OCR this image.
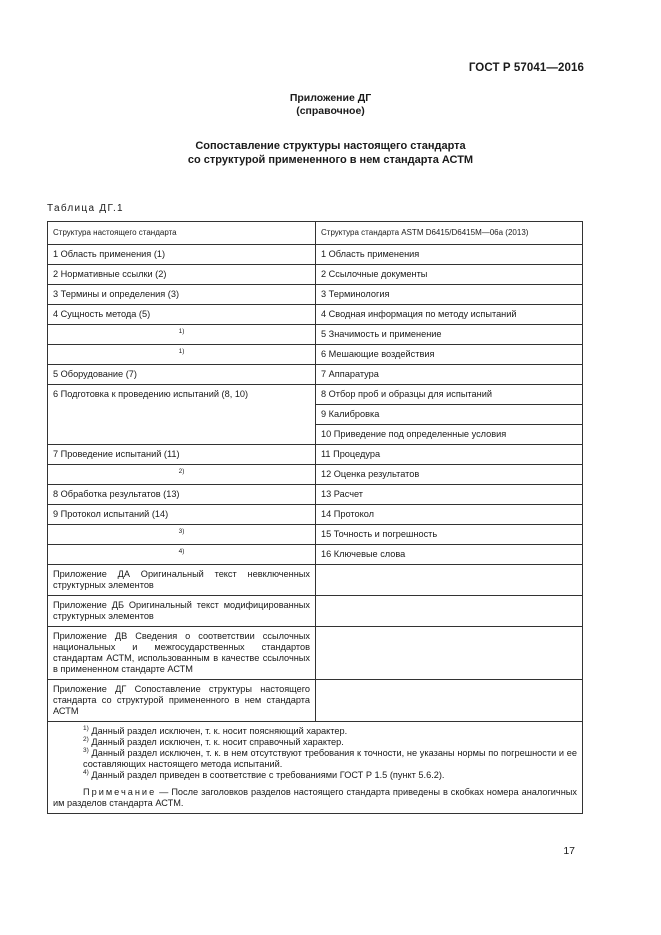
ГОСТ Р 57041—2016
Приложение ДГ
(справочное)
Сопоставление структуры настоящего стандарта
со структурой примененного в нем стандарта АСТМ
Таблица ДГ.1
Структура настоящего стандарта	Структура стандарта ASTM D6415/D6415M—06a (2013)
1 Область применения (1)	1 Область применения
2 Нормативные ссылки (2)	2 Ссылочные документы
3 Термины и определения (3)	3 Терминология
4 Сущность метода (5)	4 Сводная информация по методу испытаний
$^{1)}$	5 Значимость и применение
$^{1)}$	6 Мешающие воздействия
5 Оборудование (7)	7 Аппаратура
6 Подготовка к проведению испытаний (8, 10)	8 Отбор проб и образцы для испытаний
	9 Калибровка
	10 Приведение под определенные условия
7 Проведение испытаний (11)	11 Процедура
$^{2)}$	12 Оценка результатов
8 Обработка результатов (13)	13 Расчет
9 Протокол испытаний (14)	14 Протокол
$^{3)}$	15 Точность и погрешность
$^{4)}$	16 Ключевые слова
Приложение ДА Оригинальный текст невключенных структурных элементов	
Приложение ДБ Оригинальный текст модифицированных структурных элементов	
Приложение ДВ Сведения о соответствии ссылочных национальных и межгосударственных стандартов стандартам АСТМ, использованным в качестве ссылочных в примененном стандарте АСТМ	
Приложение ДГ Сопоставление структуры настоящего стандарта со структурой примененного в нем стандарта АСТМ	

$^{1)}$ Данный раздел исключен, т. к. носит поясняющий характер.
$^{2)}$ Данный раздел исключен, т. к. носит справочный характер.
$^{3)}$ Данный раздел исключен, т. к. в нем отсутствуют требования к точности, не указаны нормы по погрешности и ее составляющих настоящего метода испытаний.
$^{4)}$ Данный раздел приведен в соответствие с требованиями ГОСТ Р 1.5 (пункт 5.6.2).
Примечание — После заголовков разделов настоящего стандарта приведены в скобках номера аналогичных им разделов стандарта АСТМ.	
17
